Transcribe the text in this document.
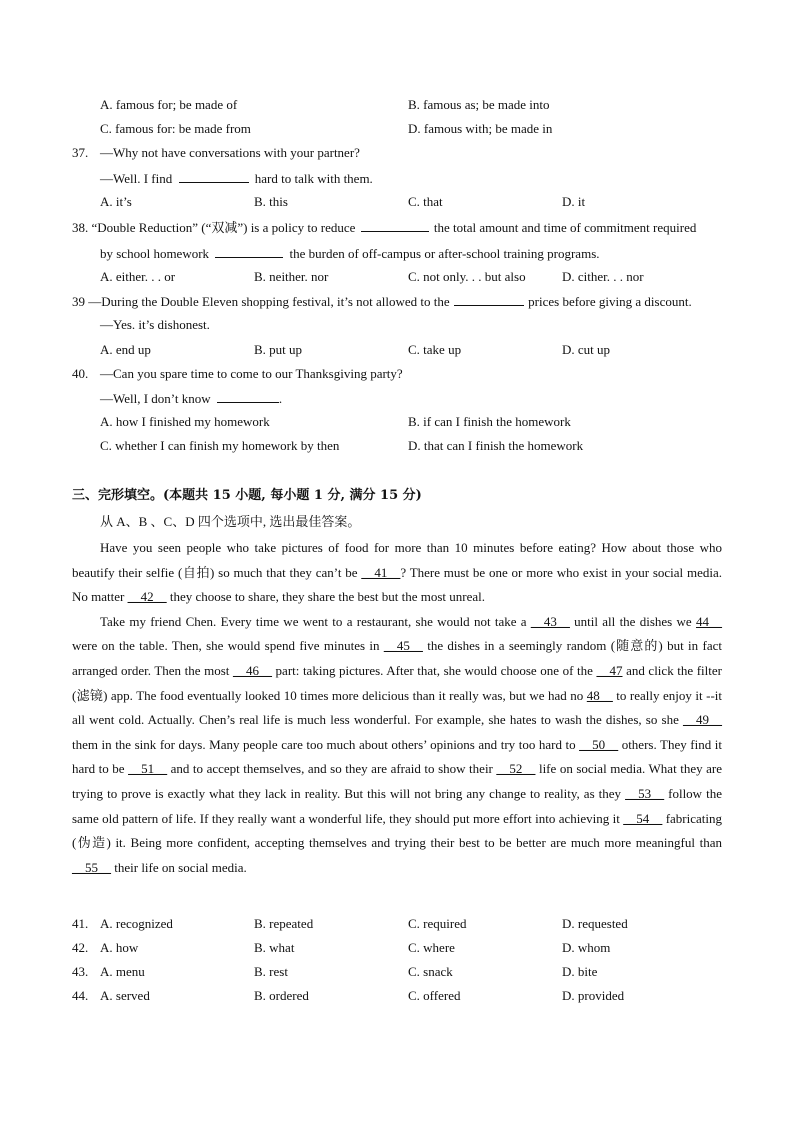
A. famous for; be made of	B. famous as; be made into
C. famous for: be made from	D. famous with; be made in
37. —Why not have conversations with your partner?
—Well. I find	hard to talk with them.
A. it’s	B. this	C. that	D. it
38. “Double Reduction” (“双减”) is a policy to reduce	the total amount and time of commitment required
by school homework	the burden of off-campus or after-school training programs.
A. either. . . or	B. neither. nor	C. not only. . . but also	D. cither. . . nor
39 —During the Double Eleven shopping festival, it’s not allowed to the	prices before giving a discount.
—Yes. it’s dishonest.
A. end up	B. put up	C. take up	D. cut up
40. —Can you spare time to come to our Thanksgiving party?
—Well, I don’t know	.
A. how I finished my homework	B. if can I finish the homework
C. whether I can finish my homework by then	D. that can I finish the homework
三、完形填空。(本题共 15 小题, 每小题 1 分, 满分 15 分)
从 A、B 、C、D 四个选项中, 选出最佳答案。

Have you seen people who take pictures of food for more than 10 minutes before eating? How about those who beautify their selfie (自拍) so much that they can’t be __41__? There must be one or more who exist in your social media. No matter __42__ they choose to share, they share the best but the most unreal.

Take my friend Chen. Every time we went to a restaurant, she would not take a __43__ until all the dishes we 44__ were on the table. Then, she would spend five minutes in __45__ the dishes in a seemingly random (随意的) but in fact arranged order. Then the most __46__ part: taking pictures. After that, she would choose one of the __47 and click the filter (滤镜) app. The food eventually looked 10 times more delicious than it really was, but we had no 48__ to really enjoy it --it all went cold. Actually. Chen’s real life is much less wonderful. For example, she hates to wash the dishes, so she __49__ them in the sink for days. Many people care too much about others’ opinions and try too hard to __50__ others. They find it hard to be __51__ and to accept themselves, and so they are afraid to show their __52__ life on social media. What they are trying to prove is exactly what they lack in reality. But this will not bring any change to reality, as they __53__ follow the same old pattern of life. If they really want a wonderful life, they should put more effort into achieving it __54__ fabricating (伪造) it. Being more confident, accepting themselves and trying their best to be better are much more meaningful than __55__ their life on social media.

41. A. recognized	B. repeated	C. required	D. requested
42. A. how	B. what	C. where	D. whom
43. A. menu	B. rest	C. snack	D. bite
44. A. served	B. ordered	C. offered	D. provided
